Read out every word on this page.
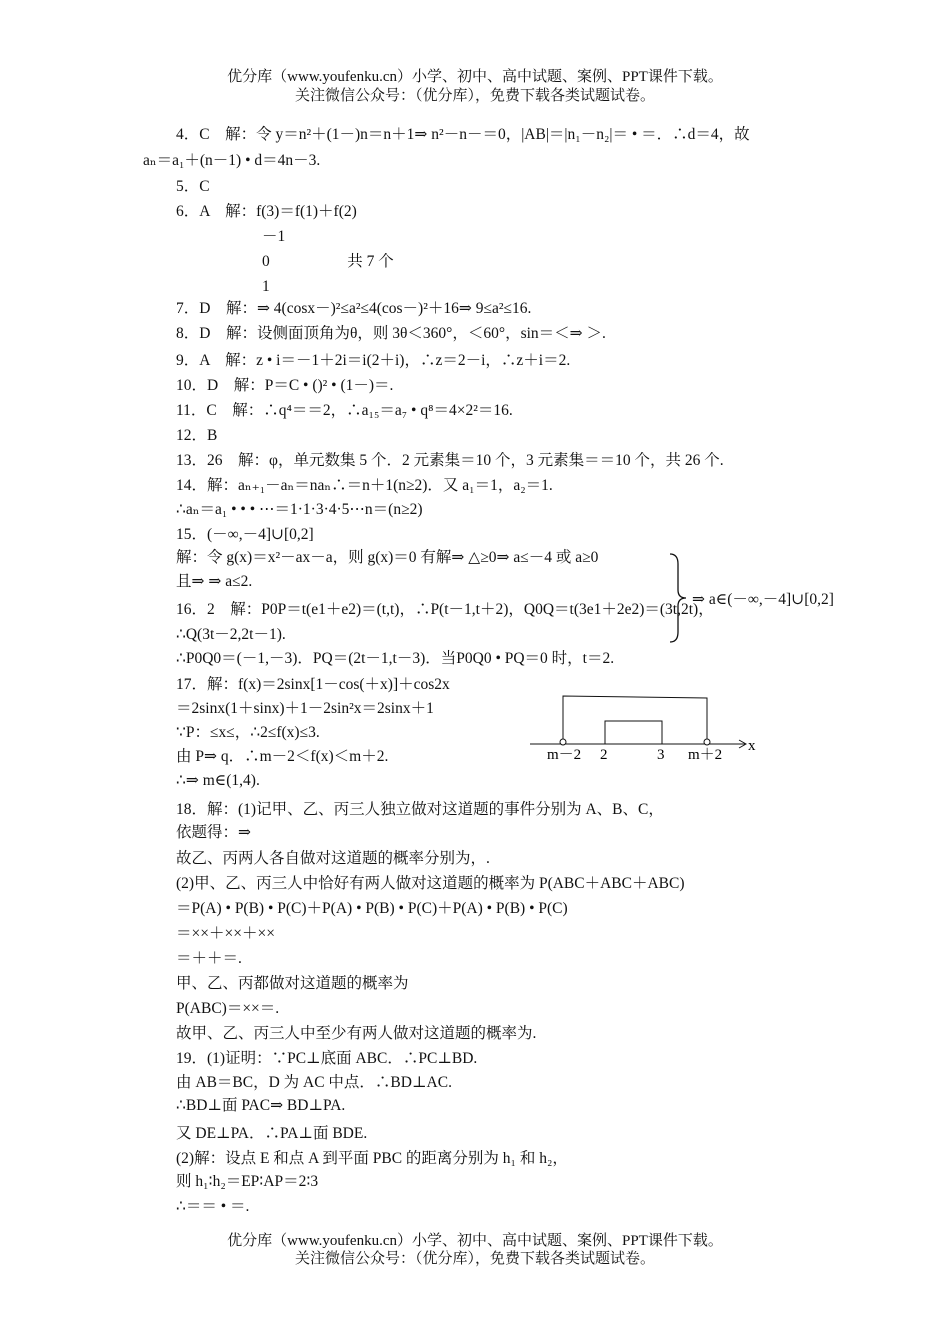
优分库（www.youfenku.cn）小学、初中、高中试题、案例、PPT课件下载。
关注微信公众号：（优分库），免费下载各类试题试卷。
4．C　解：令 y＝n²＋(1－)n＝n＋1⇒ n²－n－＝0，|AB|＝|n₁－n₂|＝ • ＝．∴d＝4，故
aₙ＝a₁＋(n－1) • d＝4n－3.
5．C
6．A　解：f(3)＝f(1)＋f(2)
－1
0　　　　　共 7 个
1
7．D　解：⇒ 4(cosx－)²≤a²≤4(cos－)²＋16⇒ 9≤a²≤16.
8．D　解：设侧面顶角为θ，则 3θ＜360°，＜60°，sin＝＜⇒ ＞.
9．A　解：z • i＝－1＋2i＝i(2＋i)，∴z＝2－i，∴z＋i＝2.
10．D　解：P＝C • ()² • (1－)＝.
11．C　解：∴q⁴＝＝2，∴a₁₅＝a₇ • q⁸＝4×2²＝16.
12．B
13．26　解：φ，单元数集 5 个．2 元素集＝10 个，3 元素集＝＝10 个，共 26 个.
14．解：aₙ₊₁－aₙ＝naₙ∴＝n＋1(n≥2)．又 a₁＝1，a₂＝1.
∴aₙ＝a₁ • • • ⋯＝1·1·3·4·5⋯n＝(n≥2)
15．(－∞,－4]∪[0,2]
解：令 g(x)＝x²－ax－a，则 g(x)＝0 有解⇒ △≥0⇒ a≤－4 或 a≥0
且⇒ ⇒ a≤2.
16．2　解：P0P＝t(e1＋e2)＝(t,t)，∴P(t－1,t＋2)，Q0Q＝t(3e1＋2e2)＝(3t,2t)，
∴Q(3t－2,2t－1).
∴P0Q0＝(－1,－3)．PQ＝(2t－1,t－3)．当P0Q0 • PQ＝0 时，t＝2.
17．解：f(x)＝2sinx[1－cos(＋x)]＋cos2x
＝2sinx(1＋sinx)＋1－2sin²x＝2sinx＋1
∵P：≤x≤，∴2≤f(x)≤3.
由 P⇒ q．∴m－2＜f(x)＜m＋2.
∴⇒ m∈(1,4).
18．解：(1)记甲、乙、丙三人独立做对这道题的事件分别为 A、B、C，
依题得：⇒
故乙、丙两人各自做对这道题的概率分别为，.
(2)甲、乙、丙三人中恰好有两人做对这道题的概率为 P(ABC＋ABC＋ABC)
＝P(A) • P(B) • P(C)＋P(A) • P(B) • P(C)＋P(A) • P(B) • P(C)
＝××＋××＋××
＝＋＋＝.
甲、乙、丙都做对这道题的概率为
P(ABC)＝××＝.
故甲、乙、丙三人中至少有两人做对这道题的概率为.
19．(1)证明：∵PC⊥底面 ABC．∴PC⊥BD.
由 AB＝BC，D 为 AC 中点．∴BD⊥AC.
∴BD⊥面 PAC⇒ BD⊥PA.
又 DE⊥PA．∴PA⊥面 BDE.
(2)解：设点 E 和点 A 到平面 PBC 的距离分别为 h₁ 和 h₂，
则 h₁∶h₂＝EP∶AP＝2∶3
∴＝＝ • ＝.
⇒ a∈(－∞,－4]∪[0,2]
m－2 2	3 m＋2
x
优分库（www.youfenku.cn）小学、初中、高中试题、案例、PPT课件下载。
关注微信公众号：（优分库），免费下载各类试题试卷。
